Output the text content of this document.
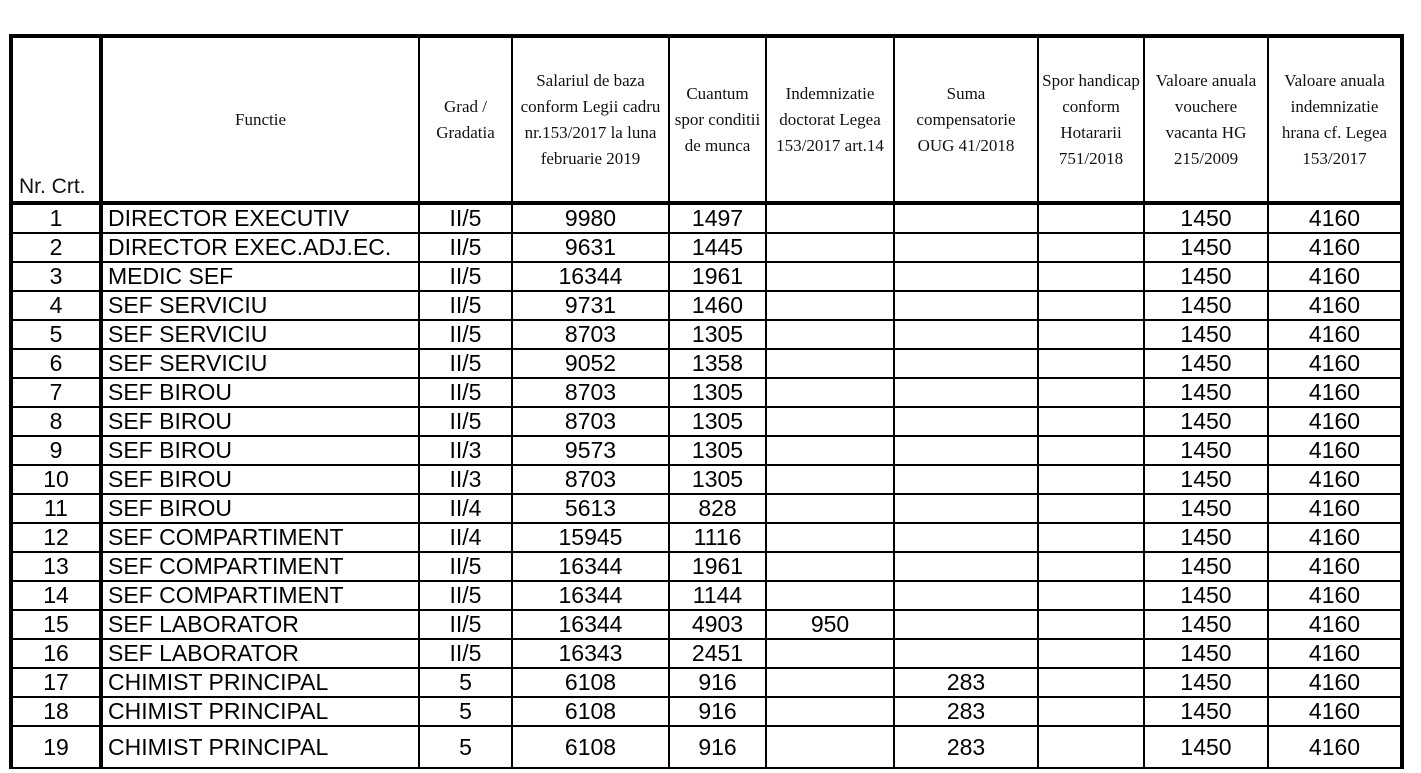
Nr. Crt.	Functie	Grad / Gradatia	Salariul de baza conform Legii cadru nr.153/2017 la luna februarie 2019	Cuantum spor conditii de munca	Indemnizatie doctorat Legea 153/2017 art.14	Suma compensatorie OUG 41/2018	Spor handicap conform Hotararii 751/2018	Valoare anuala vouchere vacanta HG 215/2009	Valoare anuala indemnizatie hrana cf. Legea 153/2017
1	DIRECTOR EXECUTIV	II/5	9980	1497				1450	4160
2	DIRECTOR EXEC.ADJ.EC.	II/5	9631	1445				1450	4160
3	MEDIC SEF	II/5	16344	1961				1450	4160
4	SEF SERVICIU	II/5	9731	1460				1450	4160
5	SEF SERVICIU	II/5	8703	1305				1450	4160
6	SEF SERVICIU	II/5	9052	1358				1450	4160
7	SEF BIROU	II/5	8703	1305				1450	4160
8	SEF BIROU	II/5	8703	1305				1450	4160
9	SEF BIROU	II/3	9573	1305				1450	4160
10	SEF BIROU	II/3	8703	1305				1450	4160
11	SEF BIROU	II/4	5613	828				1450	4160
12	SEF COMPARTIMENT	II/4	15945	1116				1450	4160
13	SEF COMPARTIMENT	II/5	16344	1961				1450	4160
14	SEF COMPARTIMENT	II/5	16344	1144				1450	4160
15	SEF LABORATOR	II/5	16344	4903	950			1450	4160
16	SEF LABORATOR	II/5	16343	2451				1450	4160
17	CHIMIST PRINCIPAL	5	6108	916		283		1450	4160
18	CHIMIST PRINCIPAL	5	6108	916		283		1450	4160
19	CHIMIST PRINCIPAL	5	6108	916		283		1450	4160
